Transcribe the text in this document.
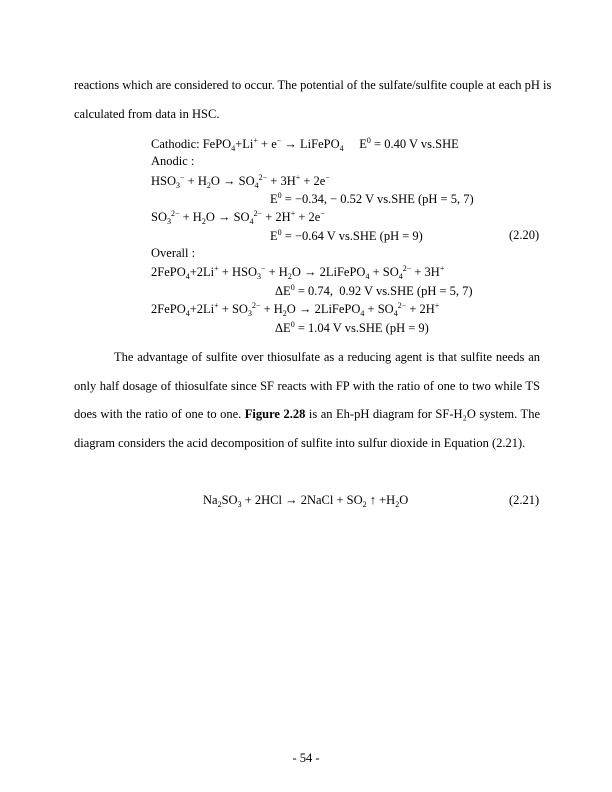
reactions which are considered to occur. The potential of the sulfate/sulfite couple at each pH is
calculated from data in HSC.
Cathodic: FePO$_4$+Li+ + e− → LiFePO$_4$     $E^0 = 0.40$ V vs.SHE
Anodic :
$HSO_3^- + H_2O \to SO_4^{2-} + 3H^+ + 2e^-$
$E^0 = -0.34$, − 0.52 V vs.SHE (pH = 5, 7)
$SO_3^{2-} + H_2O \to SO_4^{2-} + 2H^+ + 2e^-$
$E^0 = -0.64$ V vs.SHE (pH = 9)
Overall :
2FePO$_4$+2Li+ + $HSO_3^- + H_2O$ → 2LiFePO$_4$ + $SO_4^{2-} + 3H^+$
$\Delta E^0 = 0.74$,  0.92 V vs.SHE (pH = 5, 7)
2FePO$_4$+2Li+ + $SO_3^{2-} + H_2O$ → 2LiFePO$_4$ + $SO_4^{2-} + 2H^+$
$\Delta E^0 = 1.04$ V vs.SHE (pH = 9)
(2.20)
The advantage of sulfite over thiosulfate as a reducing agent is that sulfite needs an only half dosage of thiosulfate since SF reacts with FP with the ratio of one to two while TS does with the ratio of one to one. Figure 2.28 is an Eh-pH diagram for SF-H₂O system. The diagram considers the acid decomposition of sulfite into sulfur dioxide in Equation (2.21).
$Na_2SO_3 + 2HCl$ → 2NaCl + $SO_2$ ↑ $+H_2O$	(2.21)
- 54 -
